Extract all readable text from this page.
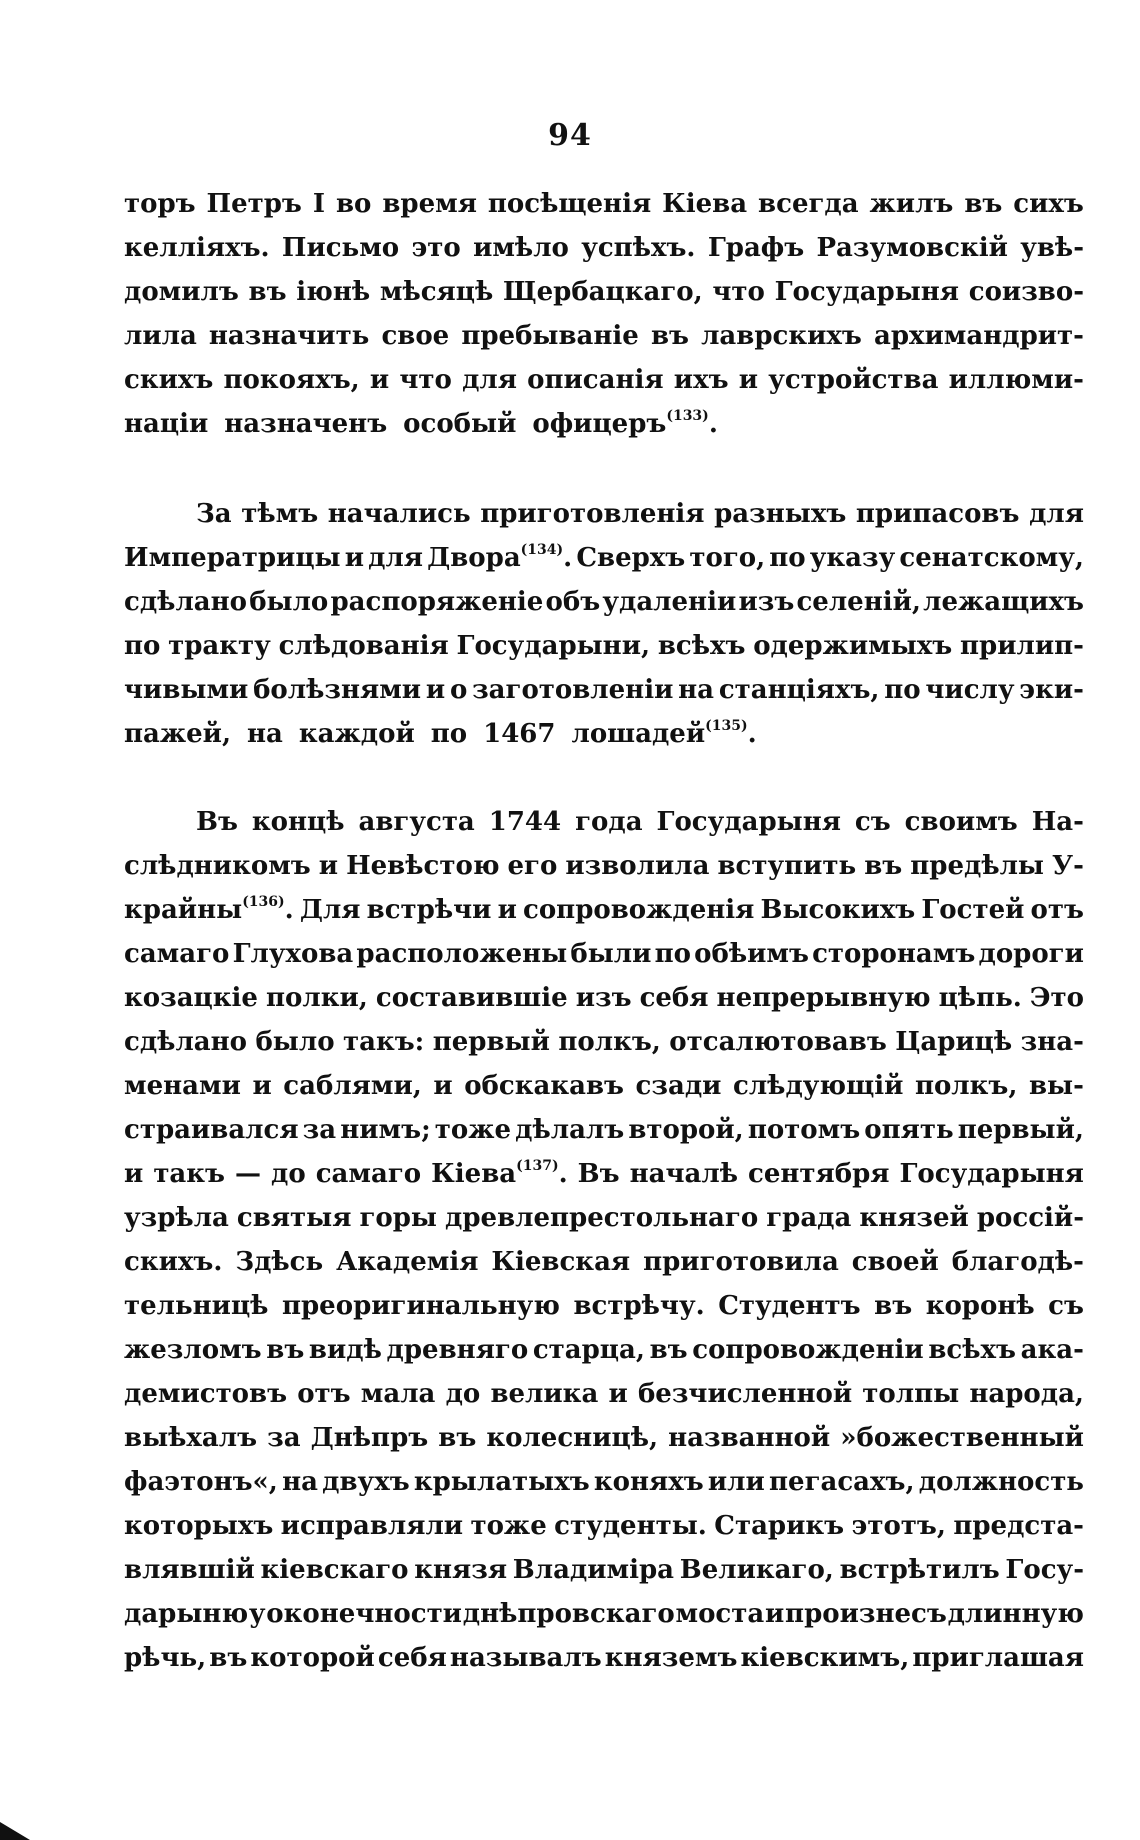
94
торъ Петръ I во время посѣщенія Кіева всегда жилъ въ сихъ
келліяхъ. Письмо это имѣло успѣхъ. Графъ Разумовскій увѣ-
домилъ въ іюнѣ мѣсяцѣ Щербацкаго, что Государыня соизво-
лила назначить свое пребываніе въ лаврскихъ архимандрит-
скихъ покояхъ, и что для описанія ихъ и устройства иллюми-
націи назначенъ особый офицеръ$^{(133)}$.
За тѣмъ начались приготовленія разныхъ припасовъ для
Императрицы и для Двора$^{(134)}$. Сверхъ того, по указу сенатскому,
сдѣлано было распоряженіе объ удаленіи изъ селеній, лежащихъ
по тракту слѣдованія Государыни, всѣхъ одержимыхъ прилип-
чивыми болѣзнями и о заготовленіи на станціяхъ, по числу эки-
пажей, на каждой по 1467 лошадей$^{(135)}$.
Въ концѣ августа 1744 года Государыня съ своимъ На-
слѣдникомъ и Невѣстою его изволила вступить въ предѣлы У-
крайны$^{(136)}$. Для встрѣчи и сопровожденія Высокихъ Гостей отъ
самаго Глухова расположены были по обѣимъ сторонамъ дороги
козацкіе полки, составившіе изъ себя непрерывную цѣпь. Это
сдѣлано было такъ: первый полкъ, отсалютовавъ Царицѣ зна-
менами и саблями, и обскакавъ сзади слѣдующій полкъ, вы-
страивался за нимъ; тоже дѣлалъ второй, потомъ опять первый,
и такъ — до самаго Кіева$^{(137)}$. Въ началѣ сентября Государыня
узрѣла святыя горы древлепрестольнаго града князей россій-
скихъ. Здѣсь Академія Кіевская приготовила своей благодѣ-
тельницѣ преоригинальную встрѣчу. Студентъ въ коронѣ съ
жезломъ въ видѣ древняго старца, въ сопровожденіи всѣхъ ака-
демистовъ отъ мала до велика и безчисленной толпы народа,
выѣхалъ за Днѣпръ въ колесницѣ, названной »божественный
фаэтонъ«, на двухъ крылатыхъ коняхъ или пегасахъ, должность
которыхъ исправляли тоже студенты. Старикъ этотъ, предста-
влявшій кіевскаго князя Владиміра Великаго, встрѣтилъ Госу-
дарыню у оконечности днѣпровскаго моста и произнесъ длинную
рѣчь, въ которой себя называлъ княземъ кіевскимъ, приглашая
